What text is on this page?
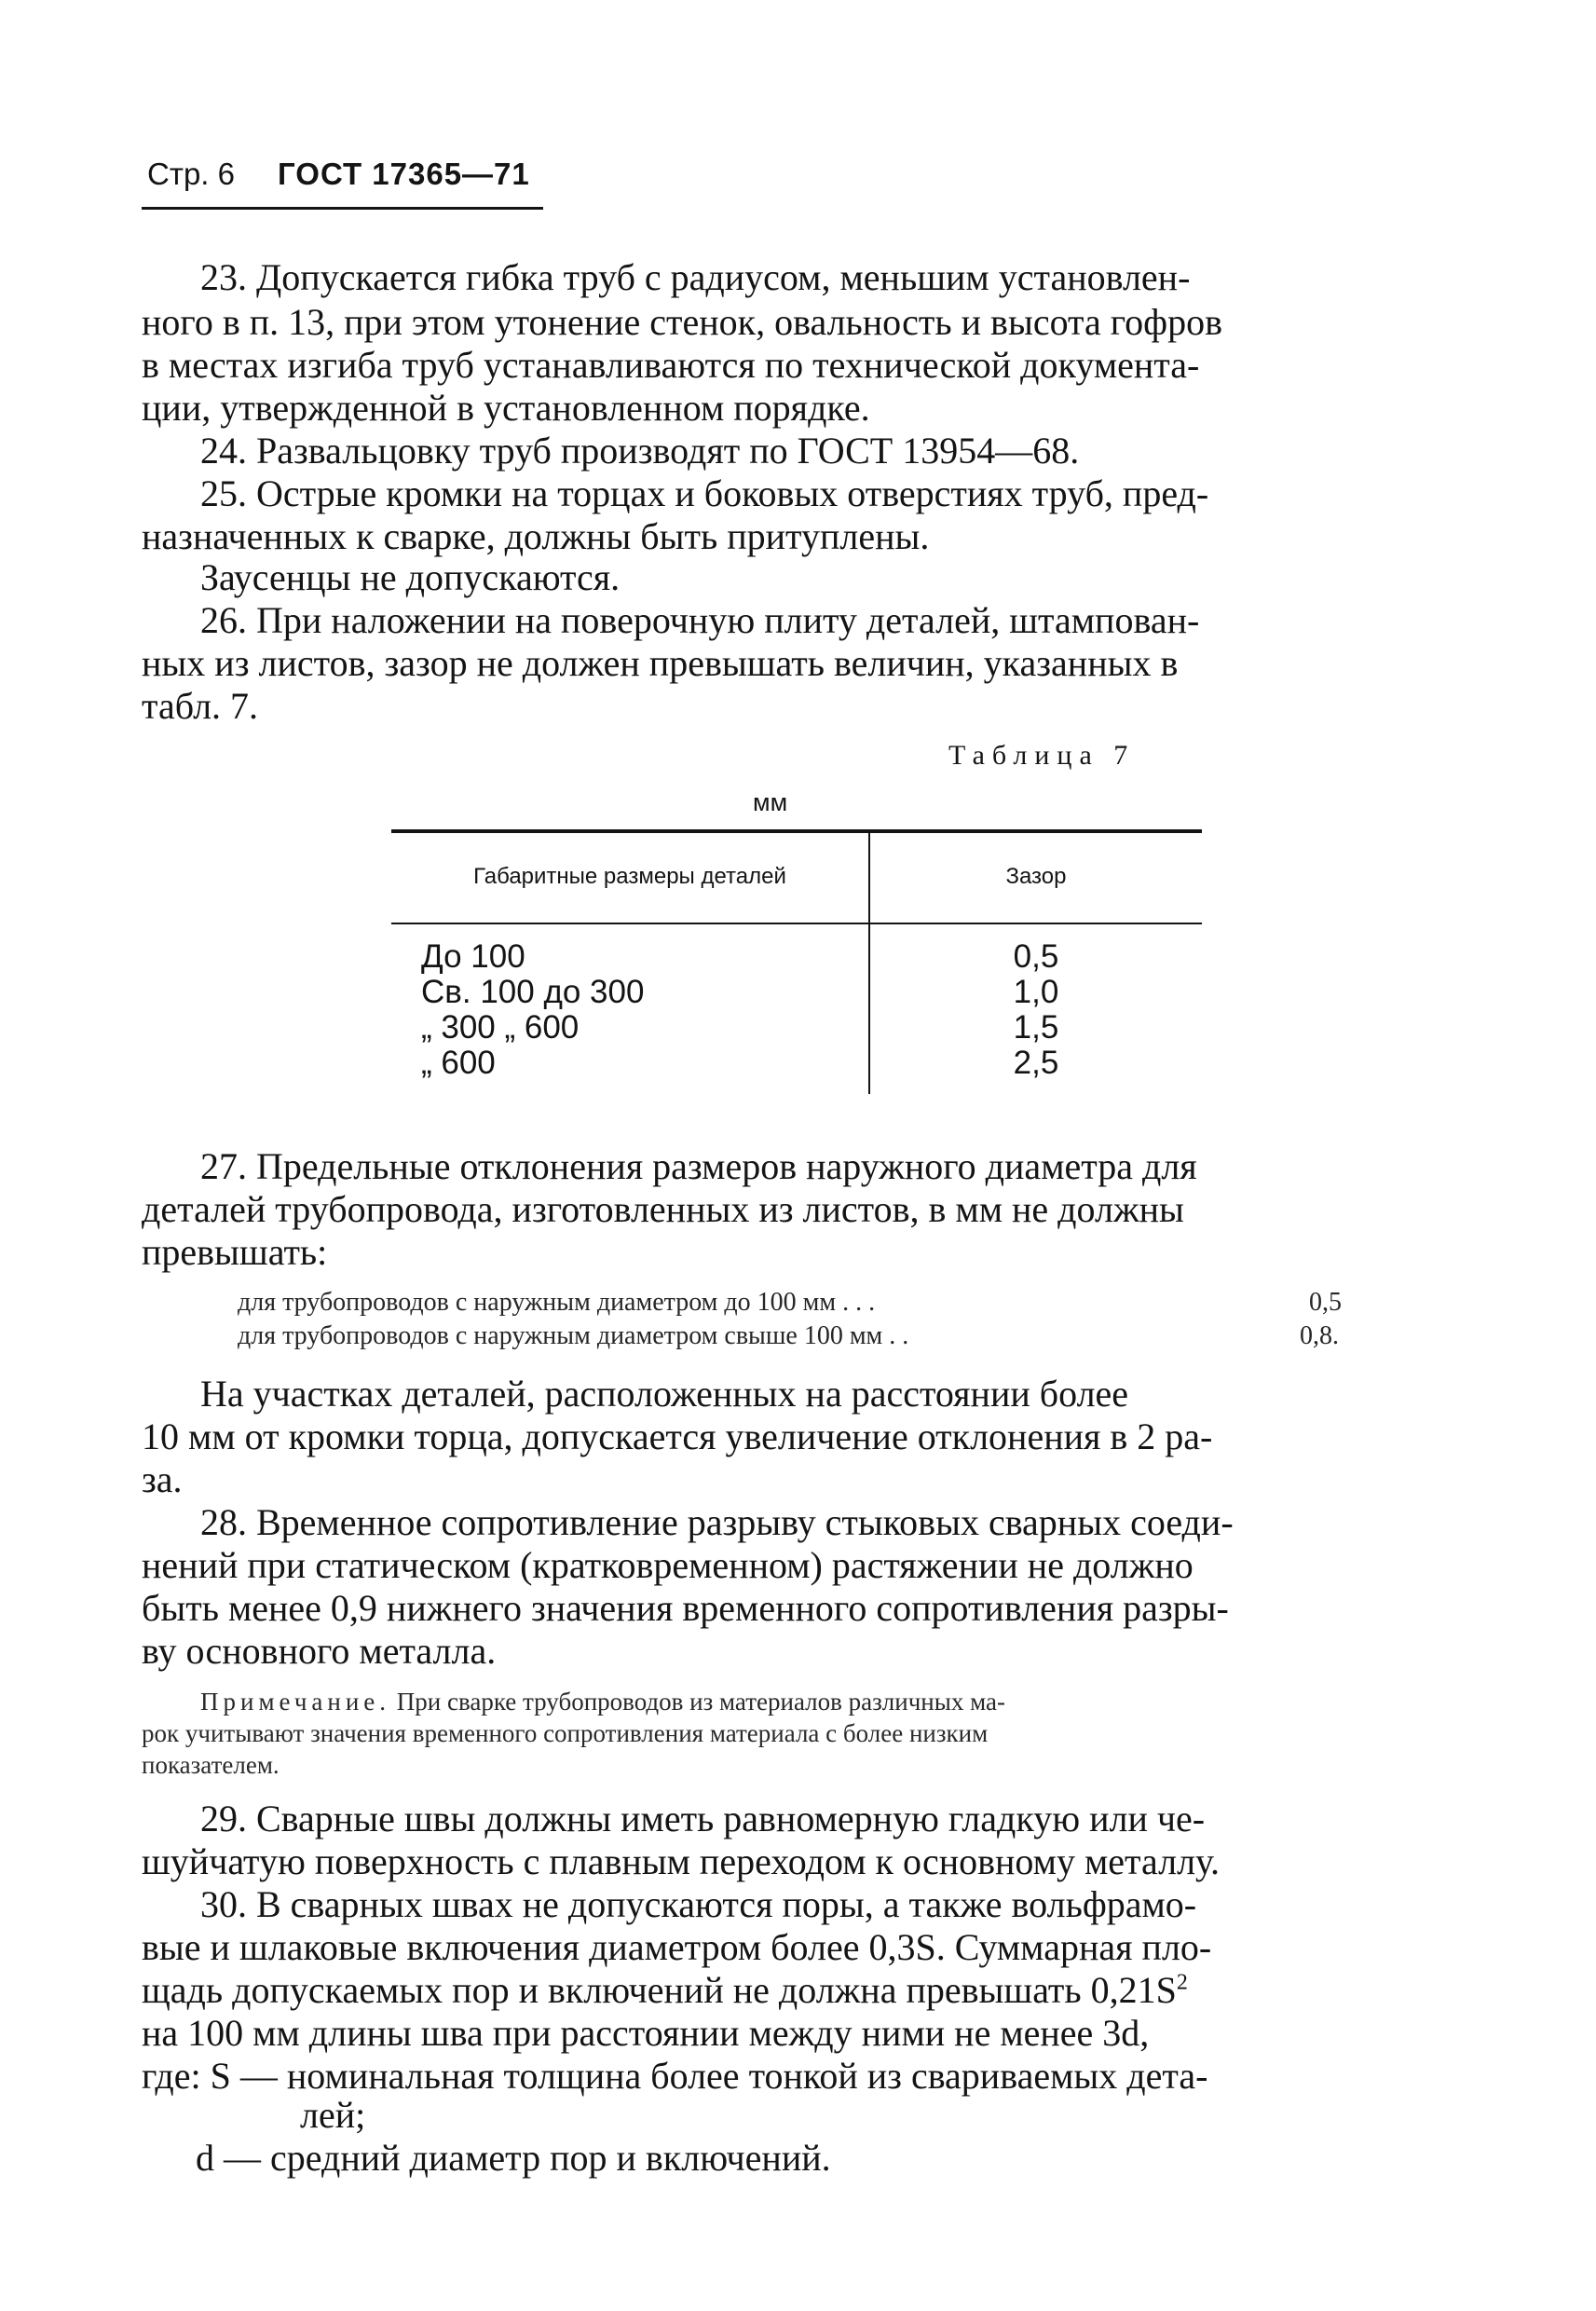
Стр. 6 ГОСТ 17365—71
23. Допускается гибка труб с радиусом, меньшим установлен-
ного в п. 13, при этом утонение стенок, овальность и высота гофров
в местах изгиба труб устанавливаются по технической документа-
ции, утвержденной в установленном порядке.
24. Развальцовку труб производят по ГОСТ 13954—68.
25. Острые кромки на торцах и боковых отверстиях труб, пред-
назначенных к сварке, должны быть притуплены.
Заусенцы не допускаются.
26. При наложении на поверочную плиту деталей, штампован-
ных из листов, зазор не должен превышать величин, указанных в
табл. 7.
Таблица 7
мм
Габаритные размеры деталей	Зазор

До 100	0,5
Св. 100 до 300	1,0
„ 300 „ 600	1,5
„ 600	2,5
27. Предельные отклонения размеров наружного диаметра для
деталей трубопровода, изготовленных из листов, в мм не должны
превышать:
для трубопроводов с наружным диаметром до 100 мм . . .	0,5
для трубопроводов с наружным диаметром свыше 100 мм . .	0,8.
На участках деталей, расположенных на расстоянии более
10 мм от кромки торца, допускается увеличение отклонения в 2 ра-
за.
28. Временное сопротивление разрыву стыковых сварных соеди-
нений при статическом (кратковременном) растяжении не должно
быть менее 0,9 нижнего значения временного сопротивления разры-
ву основного металла.
Примечание. При сварке трубопроводов из материалов различных ма-
рок учитывают значения временного сопротивления материала с более низким
показателем.
29. Сварные швы должны иметь равномерную гладкую или че-
шуйчатую поверхность с плавным переходом к основному металлу.
30. В сварных швах не допускаются поры, а также вольфрамо-
вые и шлаковые включения диаметром более 0,3S. Суммарная пло-
щадь допускаемых пор и включений не должна превышать $0,21S^2$
на 100 мм длины шва при расстоянии между ними не менее 3d,
где: S — номинальная толщина более тонкой из свариваемых дета-
лей;
d — средний диаметр пор и включений.
